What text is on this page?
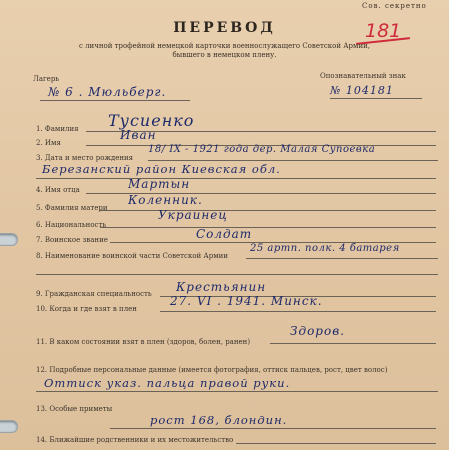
Сов. секретно
181
ПЕРЕВОД
с личной трофейной немецкой карточки военнослужащего Советской Армии,
бывшего в немецком плену.
Лагерь
№ 6 . Мюльберг.
Опознавательный знак
№ 104181
1. Фамилия Тусиенко
2. Имя
Иван
3. Дата и место рождения
18/ IX - 1921 года дер. Малая Супоевка
Березанский район Киевская обл.
4. Имя отца	Мартын
5. Фамилия матери
Коленник.
6. Национальность
Украинец
7. Воинское звание	Солдат
8. Наименование воинской части Советской Армии
25 артп. полк. 4 батарея
9. Гражданская специальность Крестьянин
10. Когда и где взят в плен
27. VI . 1941. Минск.
11. В каком состоянии взят в плен (здоров, болен, ранен)
Здоров.
12. Подробные персональные данные (имеется фотография, оттиск пальцев, рост, цвет волос)
Оттиск указ. пальца правой руки.
13. Особые приметы
рост 168, блондин.
14. Ближайшие родственники и их местожительство
